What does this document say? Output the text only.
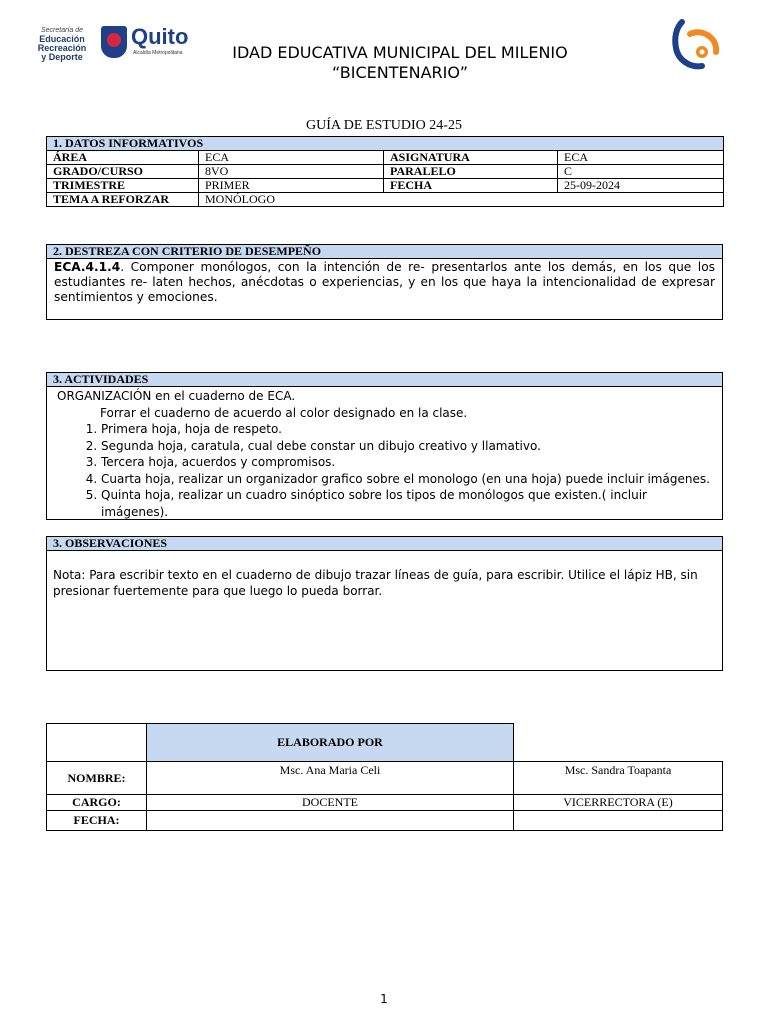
Secretaría de
Educación
Recreación
y Deporte
Quito
Alcaldía Metropolitana	IDAD EDUCATIVA MUNICIPAL DEL MILENIO
“BICENTENARIO”
GUÍA DE ESTUDIO 24-25
1. DATOS INFORMATIVOS
ÁREA	ECA	ASIGNATURA	ECA
GRADO/CURSO	8VO	PARALELO	C
TRIMESTRE	PRIMER	FECHA	25-09-2024
TEMA A REFORZAR	MONÓLOGO		
2. DESTREZA CON CRITERIO DE DESEMPEÑO
ECA.4.1.4. Componer monólogos, con la intención de re- presentarlos ante los demás, en los que los estudiantes re- laten hechos, anécdotas o experiencias, y en los que haya la intencionalidad de expresar sentimientos y emociones.
3. ACTIVIDADES
ORGANIZACIÓN en el cuaderno de ECA.
Forrar el cuaderno de acuerdo al color designado en la clase.
1. Primera hoja, hoja de respeto.
2. Segunda hoja, caratula, cual debe constar un dibujo creativo y llamativo.
3. Tercera hoja, acuerdos y compromisos.
4. Cuarta hoja, realizar un organizador grafico sobre el monologo (en una hoja) puede incluir imágenes.
5. Quinta hoja, realizar un cuadro sinóptico sobre los tipos de monólogos que existen.( incluir imágenes).
3. OBSERVACIONES
Nota: Para escribir texto en el cuaderno de dibujo trazar líneas de guía, para escribir. Utilice el lápiz HB, sin presionar fuertemente para que luego lo pueda borrar.
	ELABORADO POR	
NOMBRE:	Msc. Ana Maria Celi	Msc. Sandra Toapanta
CARGO:	DOCENTE	VICERRECTORA (E)
FECHA:		
1
